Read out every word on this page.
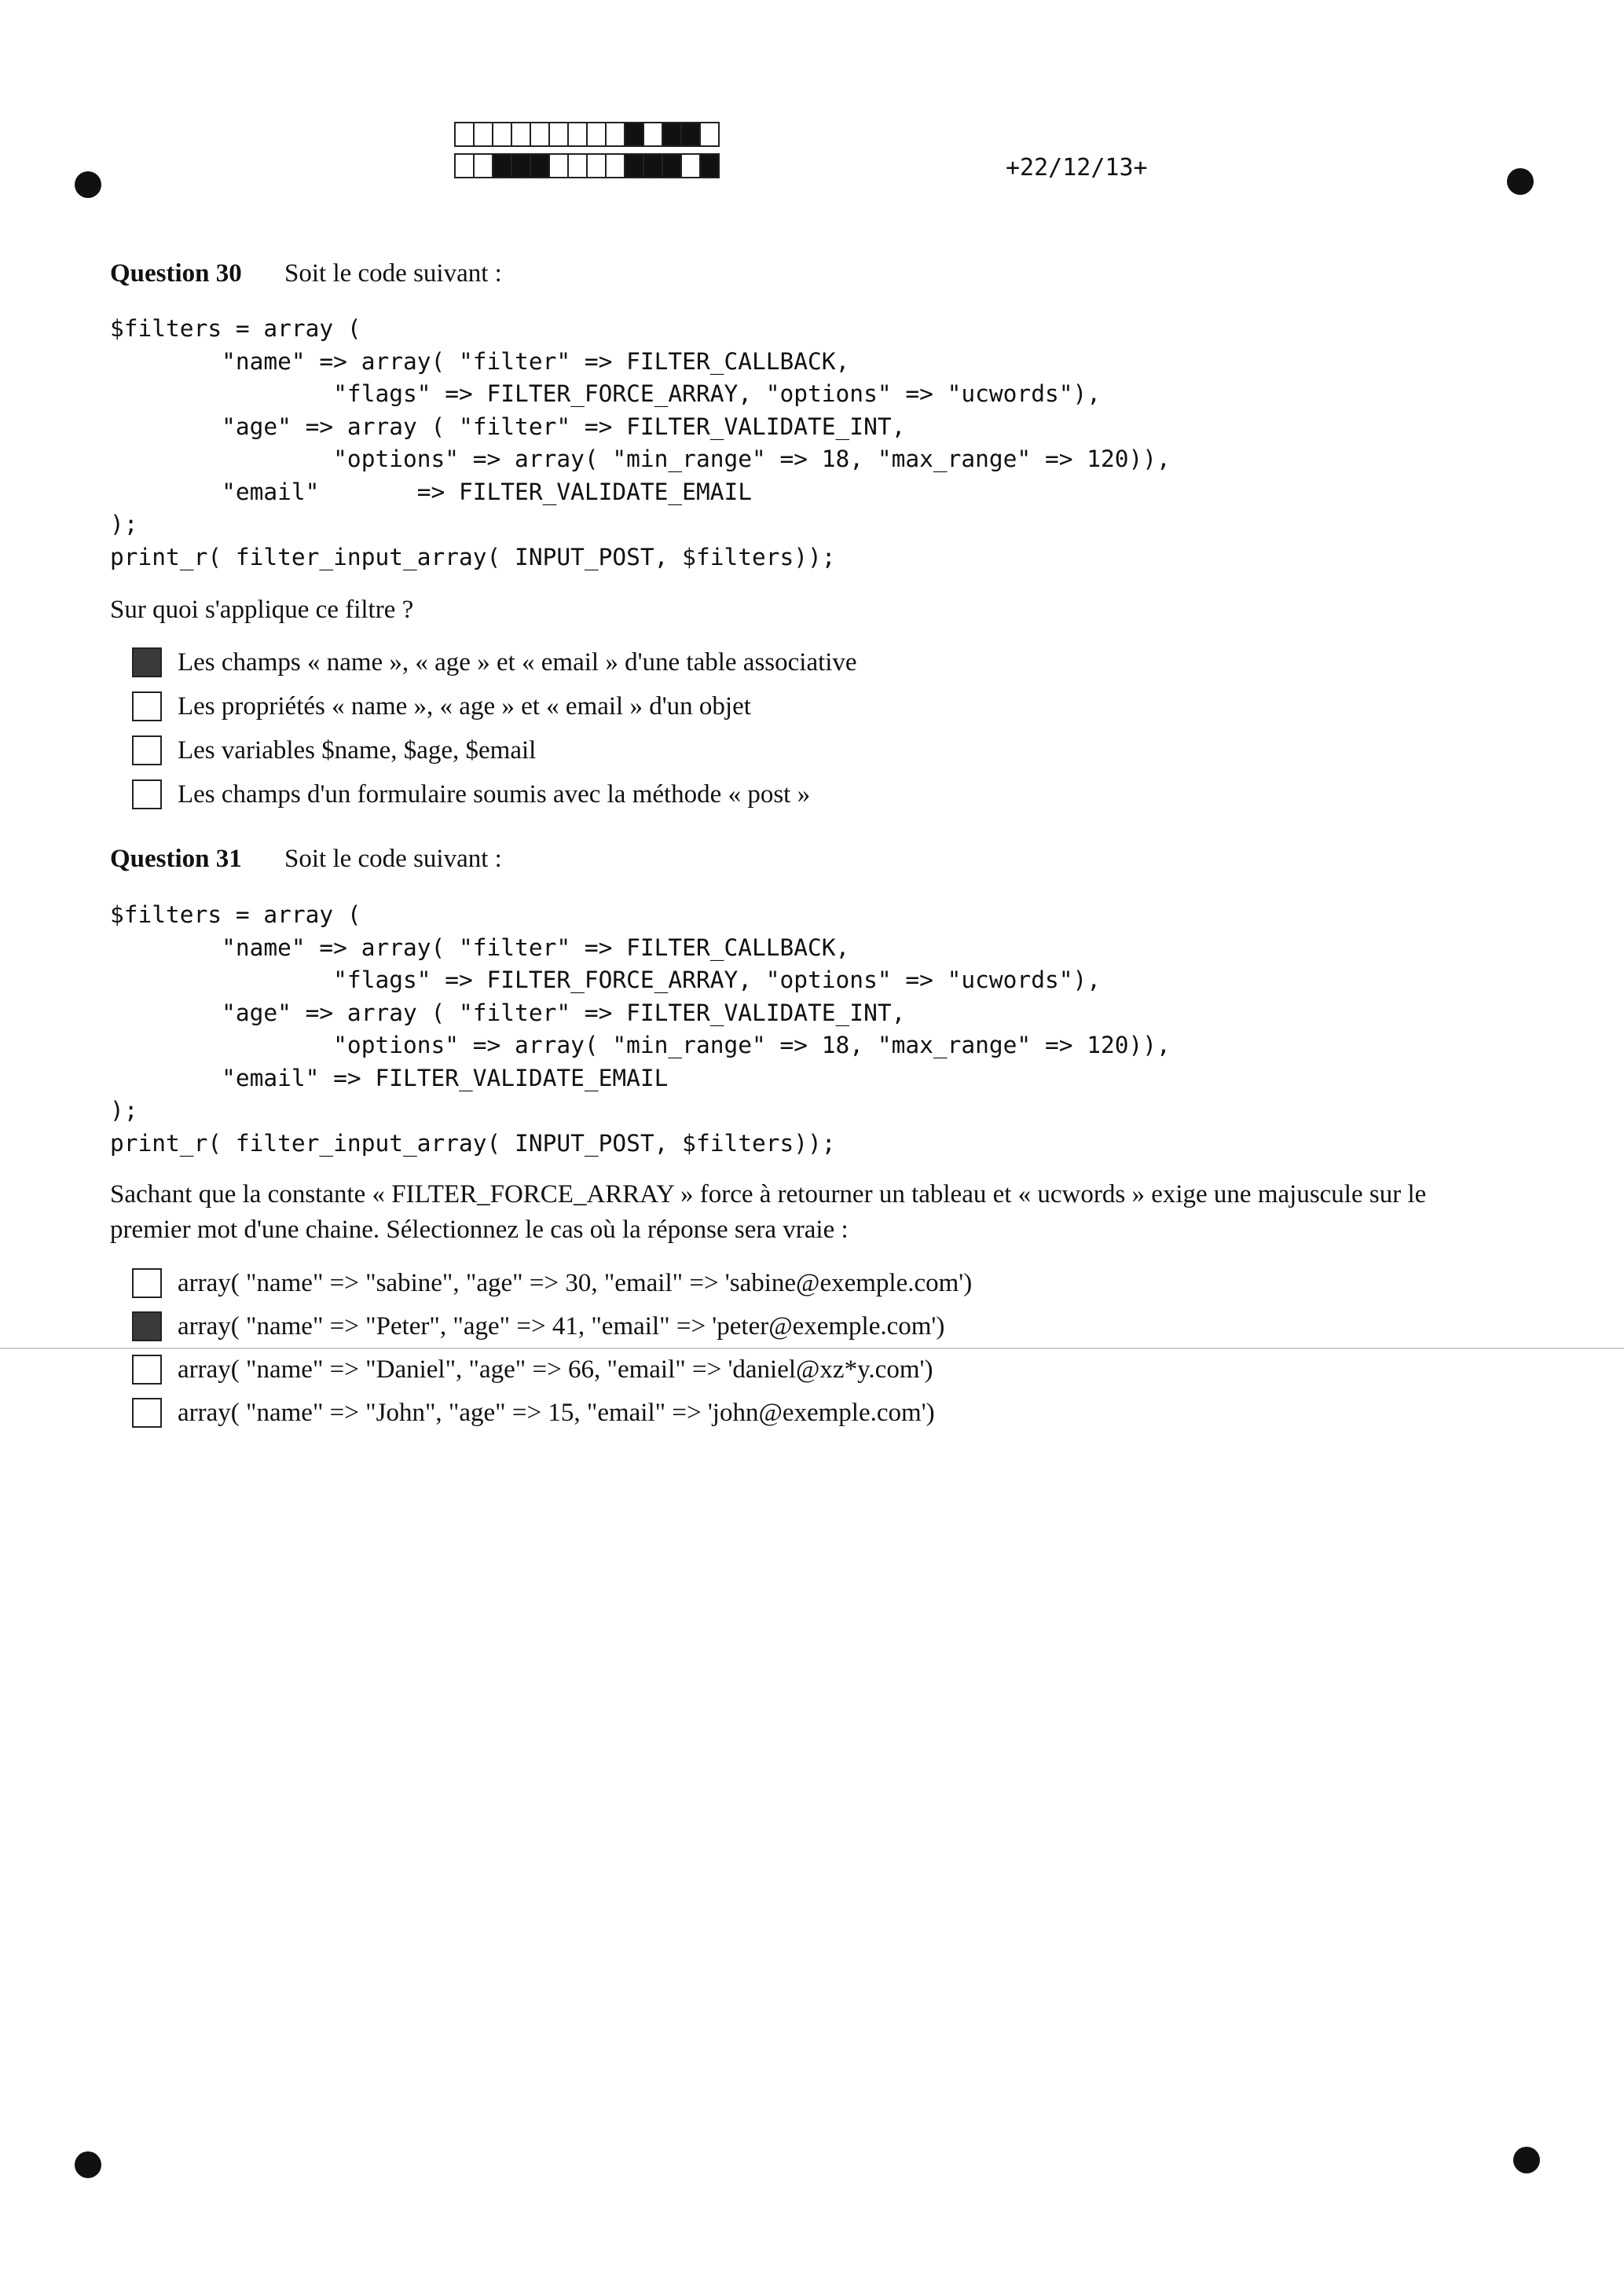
+22/12/13+
Question 30 Soit le code suivant :
$filters = array (
"name" => array( "filter" => FILTER_CALLBACK,
"flags" => FILTER_FORCE_ARRAY, "options" => "ucwords"),
"age" => array ( "filter" => FILTER_VALIDATE_INT,
"options" => array( "min_range" => 18, "max_range" => 120)),
"email"       => FILTER_VALIDATE_EMAIL
);
print_r( filter_input_array( INPUT_POST, $filters));
Sur quoi s'applique ce filtre ?
Les champs « name », « age » et « email » d'une table associative
Les propriétés « name », « age » et « email » d'un objet
Les variables $name, $age, $email
Les champs d'un formulaire soumis avec la méthode « post »
Question 31 Soit le code suivant :
$filters = array (
"name" => array( "filter" => FILTER_CALLBACK,
"flags" => FILTER_FORCE_ARRAY, "options" => "ucwords"),
"age" => array ( "filter" => FILTER_VALIDATE_INT,
"options" => array( "min_range" => 18, "max_range" => 120)),
"email" => FILTER_VALIDATE_EMAIL
);
print_r( filter_input_array( INPUT_POST, $filters));
Sachant que la constante « FILTER_FORCE_ARRAY » force à retourner un tableau et « ucwords » exige une majuscule sur le premier mot d'une chaine. Sélectionnez le cas où la réponse sera vraie :
array( "name" => "sabine", "age" => 30, "email" => 'sabine@exemple.com')
array( "name" => "Peter", "age" => 41, "email" => 'peter@exemple.com')
array( "name" => "Daniel", "age" => 66, "email" => 'daniel@xz*y.com')
array( "name" => "John", "age" => 15, "email" => 'john@exemple.com')
